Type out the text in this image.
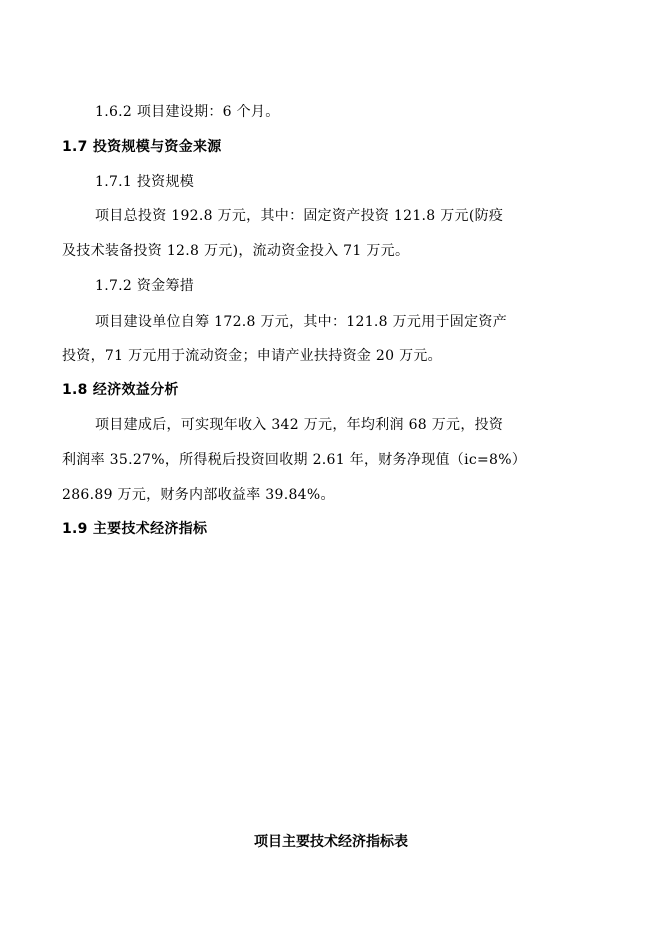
1.6.2 项目建设期：6 个月。
1.7 投资规模与资金来源
1.7.1 投资规模
项目总投资 192.8 万元，其中：固定资产投资 121.8 万元(防疫
及技术装备投资 12.8 万元)，流动资金投入 71 万元。
1.7.2 资金筹措
项目建设单位自筹 172.8 万元，其中：121.8 万元用于固定资产
投资，71 万元用于流动资金；申请产业扶持资金 20 万元。
1.8 经济效益分析
项目建成后，可实现年收入 342 万元，年均利润 68 万元，投资
利润率 35.27%，所得税后投资回收期 2.61 年，财务净现值（ic=8%）
286.89 万元，财务内部收益率 39.84%。
1.9 主要技术经济指标
项目主要技术经济指标表
